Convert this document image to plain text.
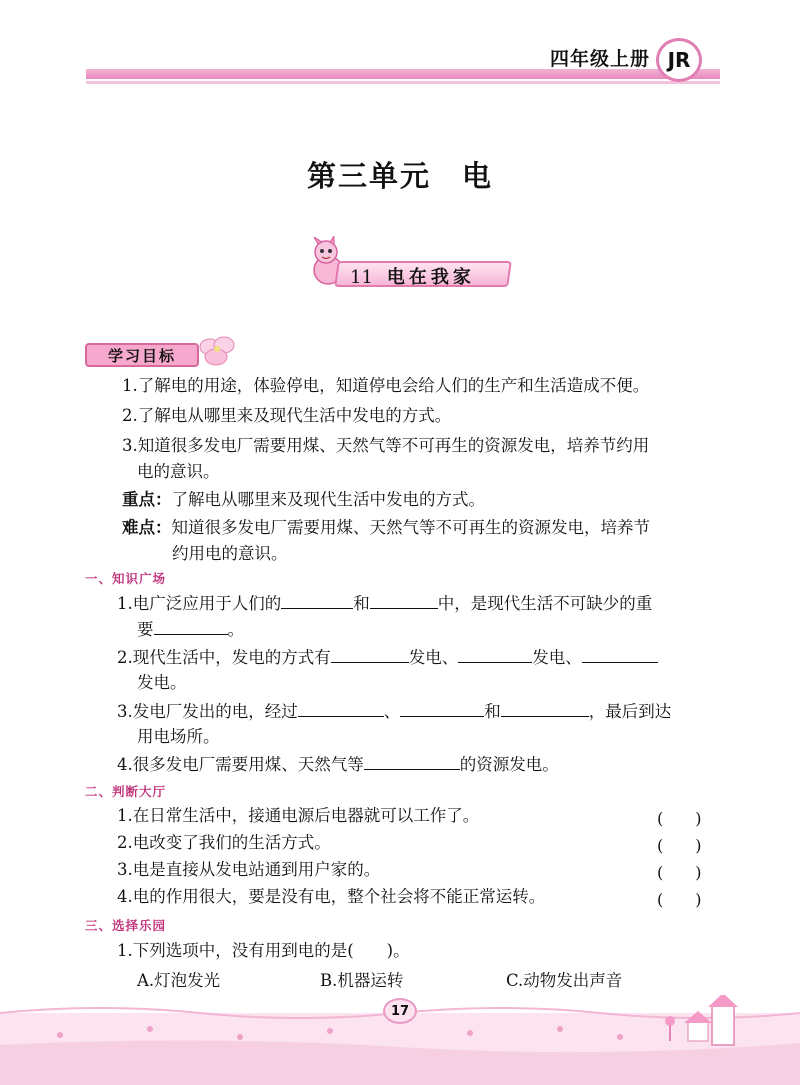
四年级上册 JR
第三单元　电
11 电在我家
学习目标
1.了解电的用途，体验停电，知道停电会给人们的生产和生活造成不便。
2.了解电从哪里来及现代生活中发电的方式。
3.知道很多发电厂需要用煤、天然气等不可再生的资源发电，培养节约用
电的意识。
重点：了解电从哪里来及现代生活中发电的方式。
难点：知道很多发电厂需要用煤、天然气等不可再生的资源发电，培养节
约用电的意识。
一、知识广场
1.电广泛应用于人们的	和	中，是现代生活不可缺少的重
要	。
2.现代生活中，发电的方式有	发电、	发电、
发电。
3.发电厂发出的电，经过	、	和	，最后到达
用电场所。
4.很多发电厂需要用煤、天然气等	的资源发电。
二、判断大厅
1.在日常生活中，接通电源后电器就可以工作了。	(　　)
2.电改变了我们的生活方式。	(　　)
3.电是直接从发电站通到用户家的。	(　　)
4.电的作用很大，要是没有电，整个社会将不能正常运转。	(　　)
三、选择乐园
1.下列选项中，没有用到电的是(　　)。
A.灯泡发光	B.机器运转	C.动物发出声音
17
